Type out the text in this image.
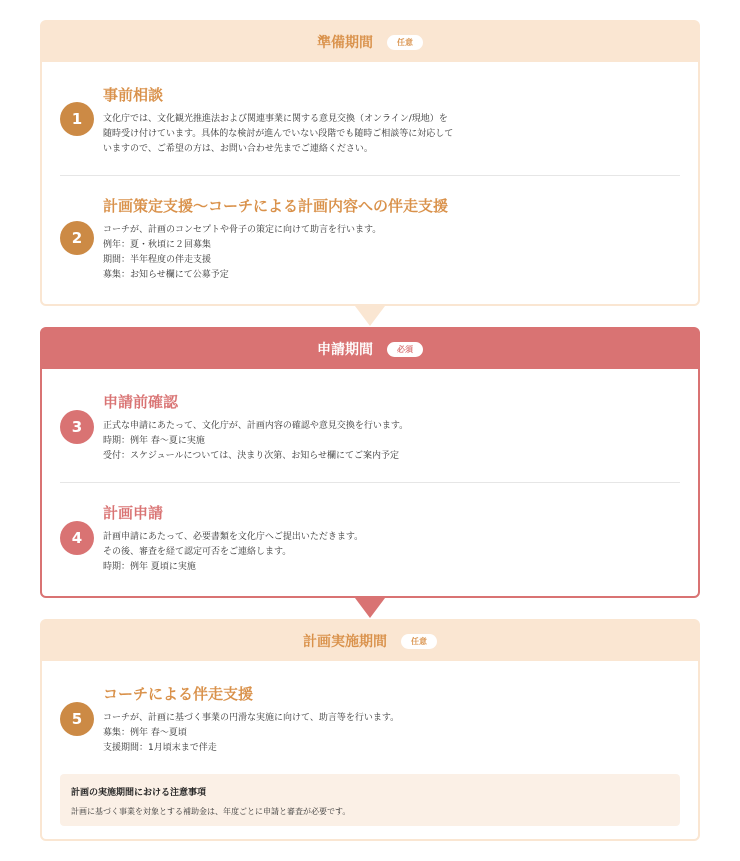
準備期間	任意
1
事前相談
文化庁では、文化観光推進法および関連事業に関する意見交換（オンライン/現地）を
随時受け付けています。具体的な検討が進んでいない段階でも随時ご相談等に対応して
いますので、ご希望の方は、お問い合わせ先までご連絡ください。
2
計画策定支援～コーチによる計画内容への伴走支援
コーチが、計画のコンセプトや骨子の策定に向けて助言を行います。
例年：夏・秋頃に２回募集
期間：半年程度の伴走支援
募集：お知らせ欄にて公募予定
申請期間	必須
3
申請前確認
正式な申請にあたって、文化庁が、計画内容の確認や意見交換を行います。
時期：例年 春〜夏に実施
受付：スケジュールについては、決まり次第、お知らせ欄にてご案内予定
4
計画申請
計画申請にあたって、必要書類を文化庁へご提出いただきます。
その後、審査を経て認定可否をご連絡します。
時期：例年 夏頃に実施
計画実施期間	任意
5
コーチによる伴走支援
コーチが、計画に基づく事業の円滑な実施に向けて、助言等を行います。
募集：例年 春〜夏頃
支援期間：1月頃末まで伴走
計画の実施期間における注意事項
計画に基づく事業を対象とする補助金は、年度ごとに申請と審査が必要です。
